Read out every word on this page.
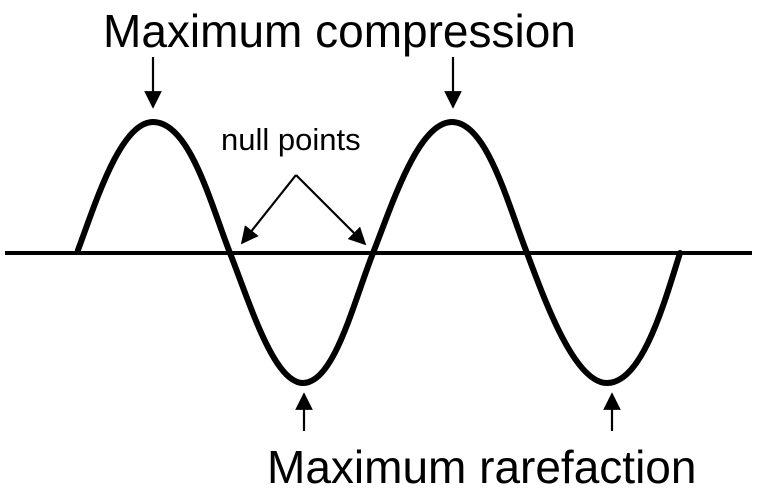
Maximum compression
null points
Maximum rarefaction
